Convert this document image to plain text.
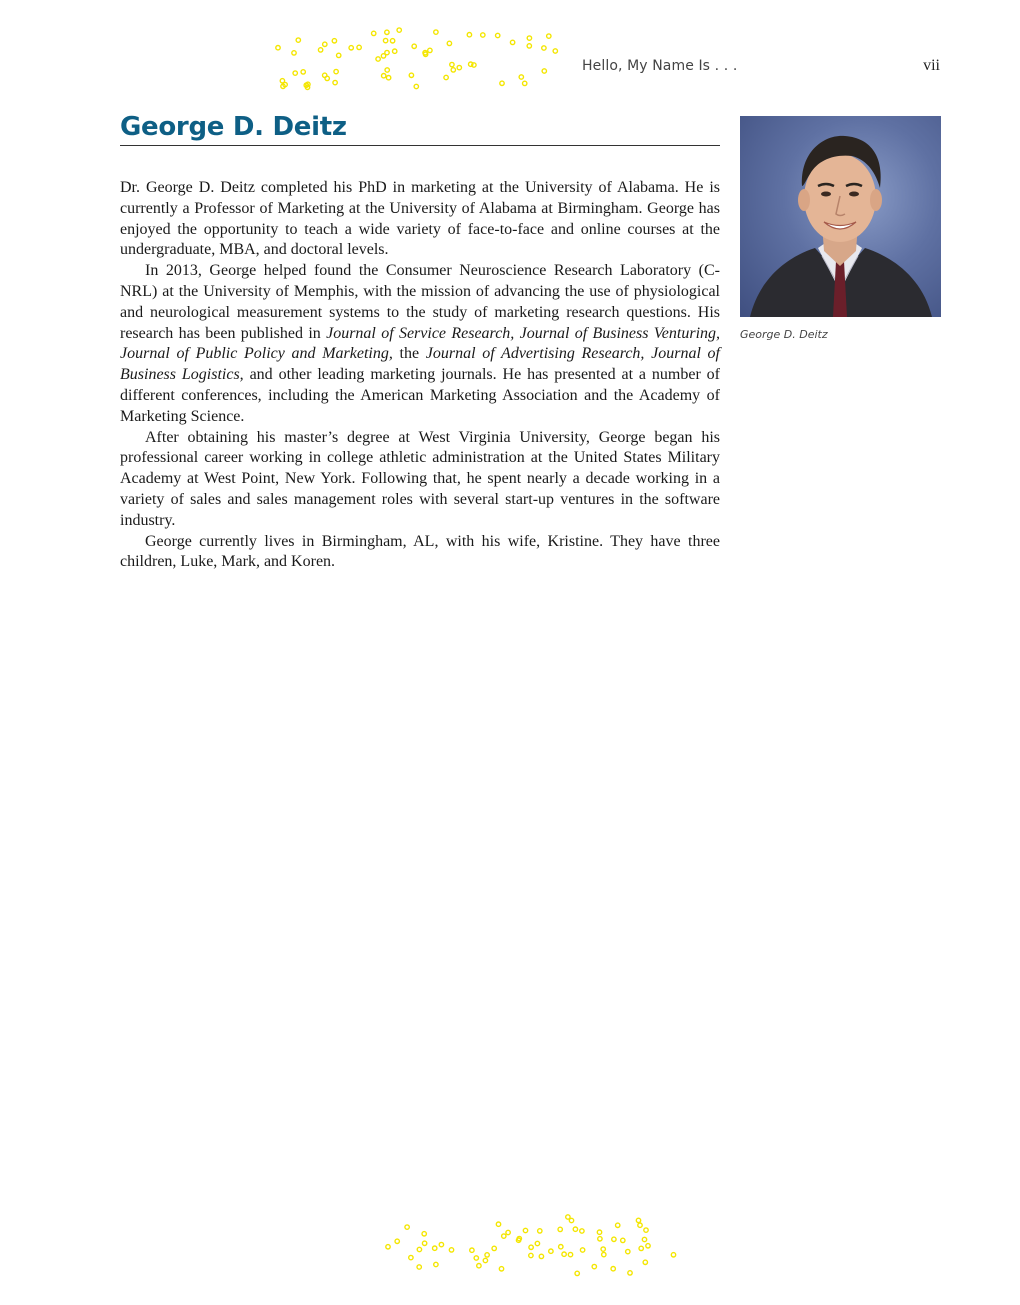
Hello, My Name Is . . .	vii
George D. Deitz

Dr. George D. Deitz completed his PhD in marketing at the University of Alabama. He is currently a Professor of Marketing at the University of Alabama at Birmingham. George has enjoyed the opportunity to teach a wide variety of face-to-face and online courses at the undergraduate, MBA, and doctoral levels.

In 2013, George helped found the Consumer Neuroscience Research Laboratory (C-NRL) at the University of Memphis, with the mission of advancing the use of physiological and neurological measurement systems to the study of marketing research questions. His research has been published in Journal of Service Research, Journal of Business Venturing, Journal of Public Policy and Marketing, the Journal of Advertising Research, Journal of Business Logistics, and other leading marketing journals. He has presented at a number of different conferences, including the American Marketing Association and the Academy of Marketing Science.

After obtaining his master’s degree at West Virginia University, George began his professional career working in college athletic administration at the United States Military Academy at West Point, New York. Following that, he spent nearly a decade working in a variety of sales and sales management roles with several start-up ventures in the software industry.

George currently lives in Birmingham, AL, with his wife, Kristine. They have three children, Luke, Mark, and Koren.

George D. Deitz
